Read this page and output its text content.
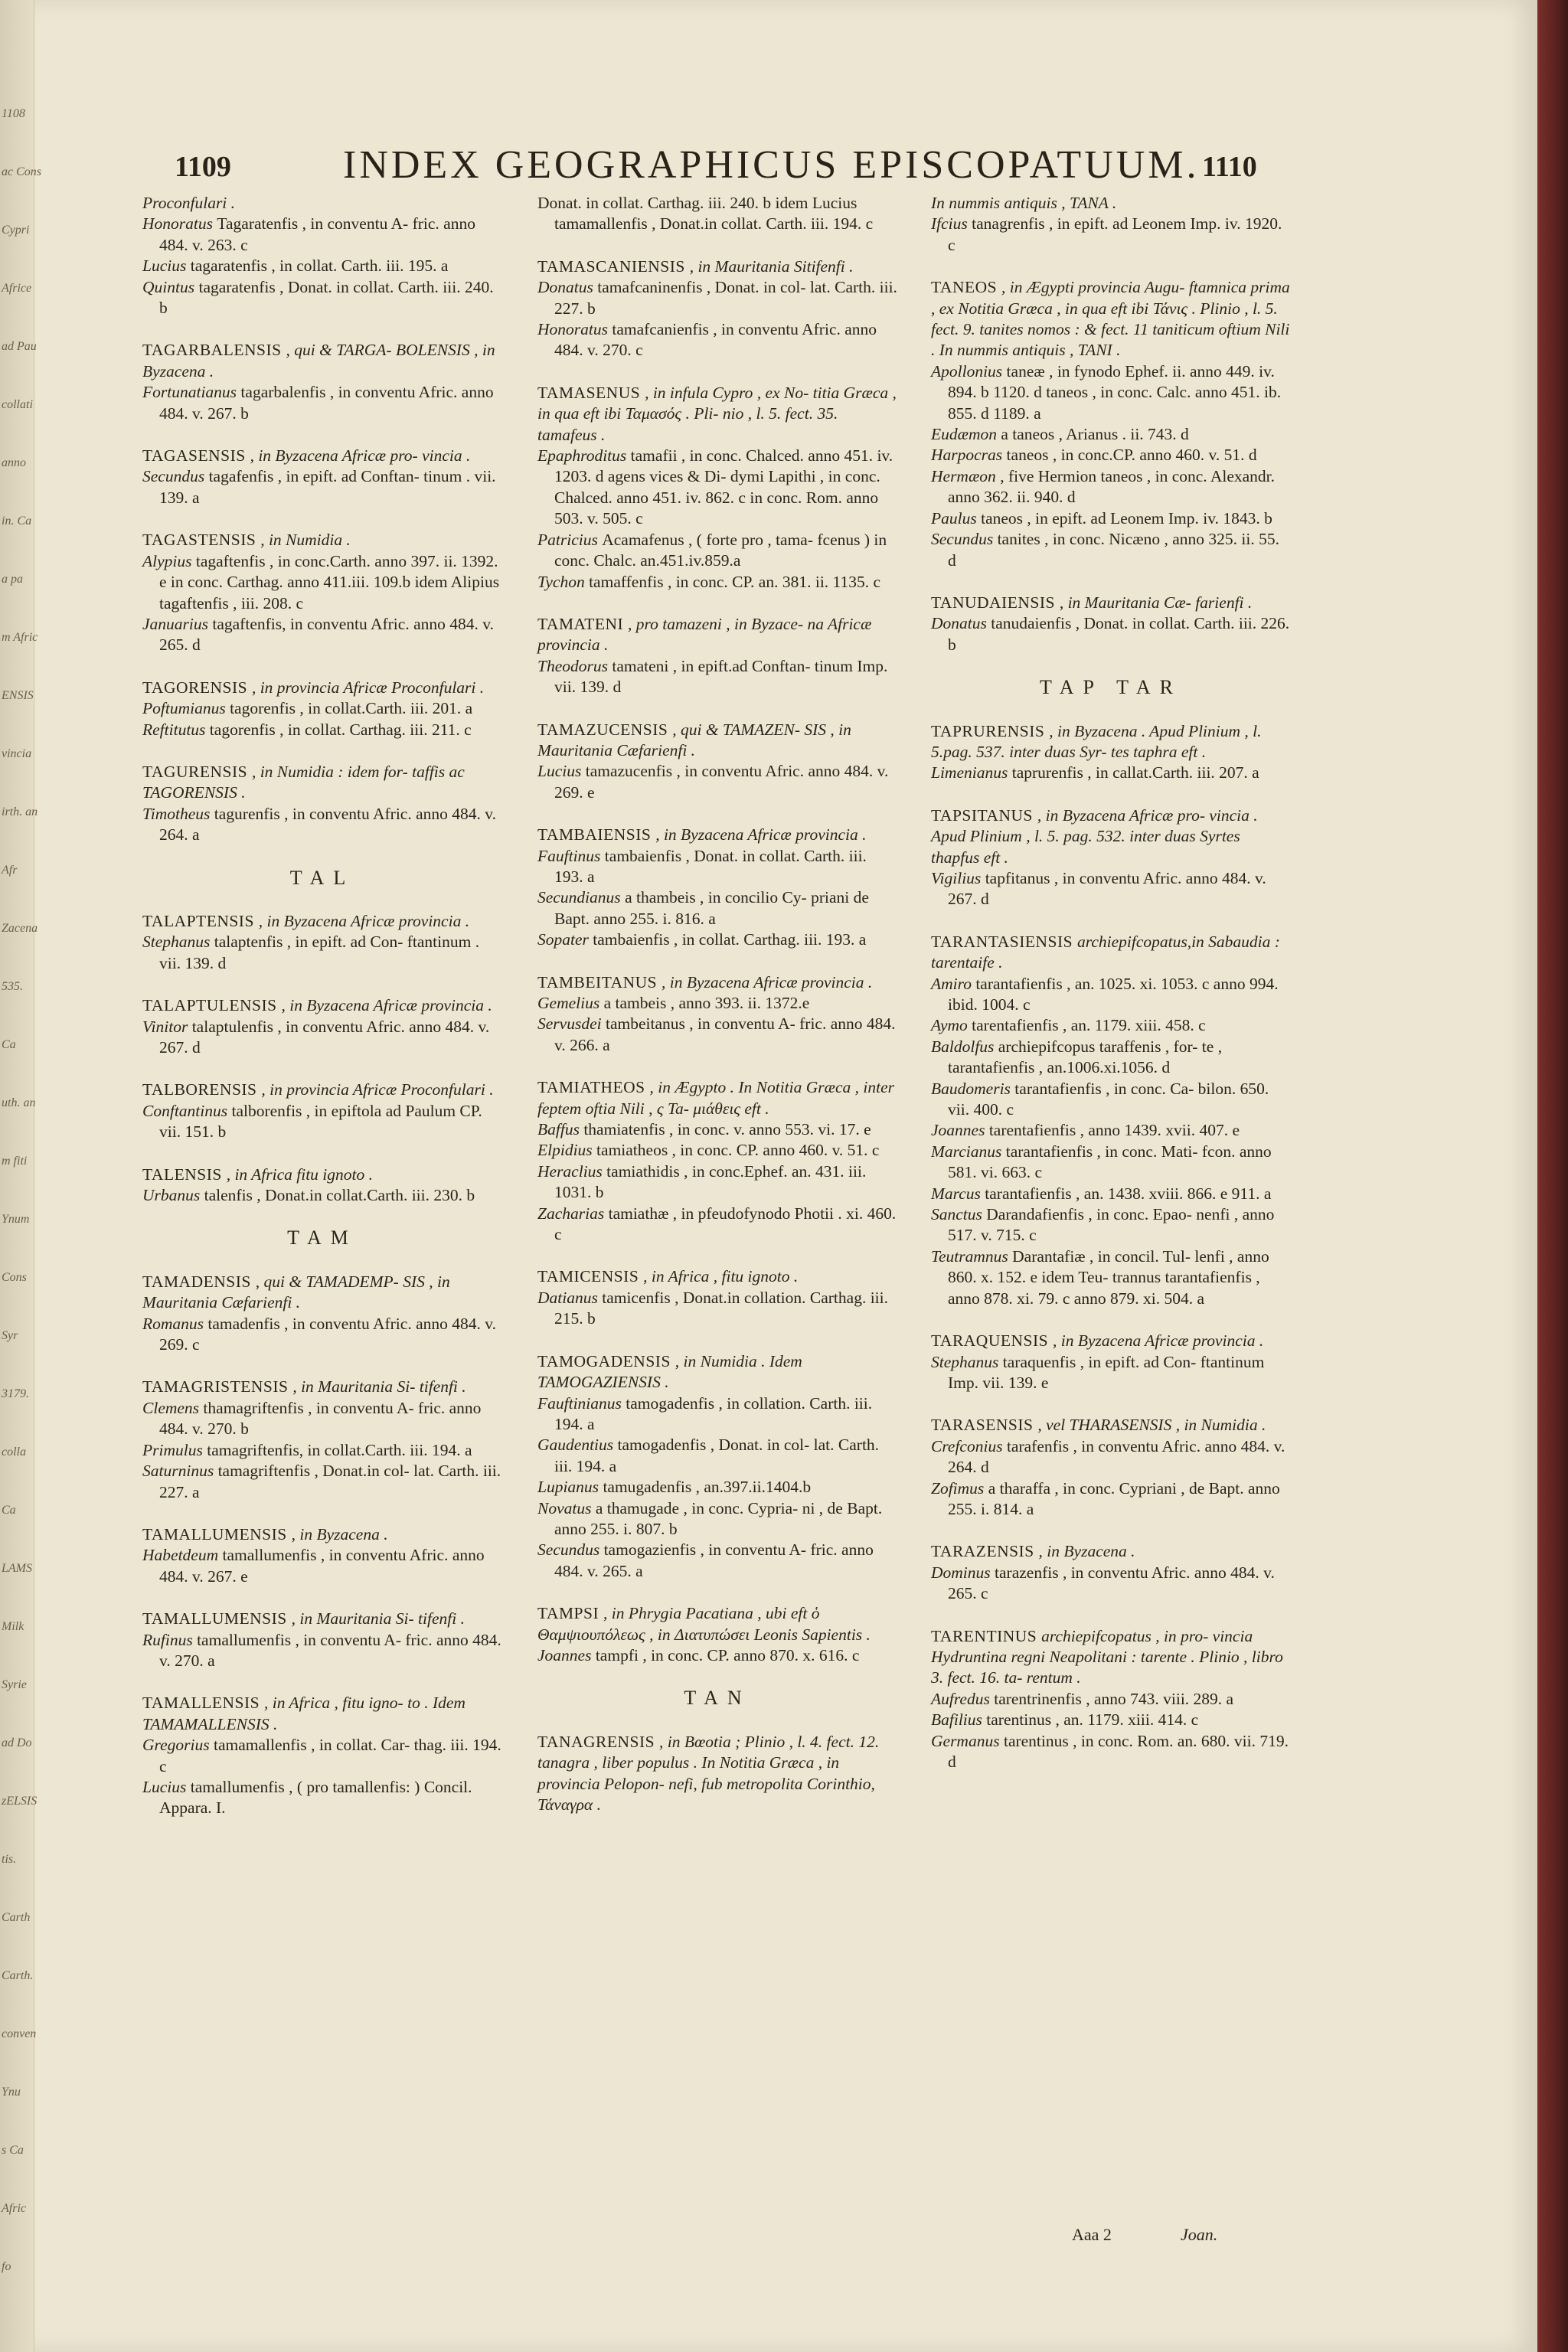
1108
ac Cons
Cypri
Africe
ad Pau
collati
anno
in. Ca
a pa
m Afric
ENSIS
vincia
irth. an
Afr
Zacena
535.
Ca
uth. an
m fiti
Ynum
Cons
Syr
3179.
colla
Ca
LAMS
Milk
Syrie
ad Do
zELSIS
tis.
Carth
Carth.
conven
Ynu
s Ca
Afric
fo
1109	INDEX GEOGRAPHICUS EPISCOPATUUM. 1110
Proconfulari .
Honoratus Tagaratenfis , in conventu A- fric. anno 484. v. 263. c
Lucius tagaratenfis , in collat. Carth. iii. 195. a
Quintus tagaratenfis , Donat. in collat. Carth. iii. 240. b
TAGARBALENSIS , qui & TARGA- BOLENSIS , in Byzacena .
Fortunatianus tagarbalenfis , in conventu Afric. anno 484. v. 267. b
TAGASENSIS , in Byzacena Africæ pro- vincia .
Secundus tagafenfis , in epift. ad Conftan- tinum . vii. 139. a
TAGASTENSIS , in Numidia .
Alypius tagaftenfis , in conc.Carth. anno 397. ii. 1392. e in conc. Carthag. anno 411.iii. 109.b idem Alipius tagaftenfis , iii. 208. c
Januarius tagaftenfis, in conventu Afric. anno 484. v. 265. d
TAGORENSIS , in provincia Africæ Proconfulari .
Poftumianus tagorenfis , in collat.Carth. iii. 201. a
Reftitutus tagorenfis , in collat. Carthag. iii. 211. c
TAGURENSIS , in Numidia : idem for- taffis ac TAGORENSIS .
Timotheus tagurenfis , in conventu Afric. anno 484. v. 264. a
TAL
TALAPTENSIS , in Byzacena Africæ provincia .
Stephanus talaptenfis , in epift. ad Con- ftantinum . vii. 139. d
TALAPTULENSIS , in Byzacena Africæ provincia .
Vinitor talaptulenfis , in conventu Afric. anno 484. v. 267. d
TALBORENSIS , in provincia Africæ Proconfulari .
Conftantinus talborenfis , in epiftola ad Paulum CP. vii. 151. b
TALENSIS , in Africa fitu ignoto .
Urbanus talenfis , Donat.in collat.Carth. iii. 230. b
TAM
TAMADENSIS , qui & TAMADEMP- SIS , in Mauritania Cæfarienfi .
Romanus tamadenfis , in conventu Afric. anno 484. v. 269. c
TAMAGRISTENSIS , in Mauritania Si- tifenfi .
Clemens thamagriftenfis , in conventu A- fric. anno 484. v. 270. b
Primulus tamagriftenfis, in collat.Carth. iii. 194. a
Saturninus tamagriftenfis , Donat.in col- lat. Carth. iii. 227. a
TAMALLUMENSIS , in Byzacena .
Habetdeum tamallumenfis , in conventu Afric. anno 484. v. 267. e
TAMALLUMENSIS , in Mauritania Si- tifenfi .
Rufinus tamallumenfis , in conventu A- fric. anno 484. v. 270. a
TAMALLENSIS , in Africa , fitu igno- to . Idem TAMAMALLENSIS .
Gregorius tamamallenfis , in collat. Car- thag. iii. 194. c
Lucius tamallumenfis , ( pro tamallenfis: ) Concil. Appara. I.
Donat. in collat. Carthag. iii. 240. b idem Lucius tamamallenfis , Donat.in collat. Carth. iii. 194. c
TAMASCANIENSIS , in Mauritania Sitifenfi .
Donatus tamafcaninenfis , Donat. in col- lat. Carth. iii. 227. b
Honoratus tamafcanienfis , in conventu Afric. anno 484. v. 270. c
TAMASENUS , in infula Cypro , ex No- titia Græca , in qua eft ibi Ταμασός . Pli- nio , l. 5. fect. 35. tamafeus .
Epaphroditus tamafii , in conc. Chalced. anno 451. iv. 1203. d agens vices & Di- dymi Lapithi , in conc. Chalced. anno 451. iv. 862. c in conc. Rom. anno 503. v. 505. c
Patricius Acamafenus , ( forte pro , tama- fcenus ) in conc. Chalc. an.451.iv.859.a
Tychon tamaffenfis , in conc. CP. an. 381. ii. 1135. c
TAMATENI , pro tamazeni , in Byzace- na Africæ provincia .
Theodorus tamateni , in epift.ad Conftan- tinum Imp. vii. 139. d
TAMAZUCENSIS , qui & TAMAZEN- SIS , in Mauritania Cæfarienfi .
Lucius tamazucenfis , in conventu Afric. anno 484. v. 269. e
TAMBAIENSIS , in Byzacena Africæ provincia .
Fauftinus tambaienfis , Donat. in collat. Carth. iii. 193. a
Secundianus a thambeis , in concilio Cy- priani de Bapt. anno 255. i. 816. a
Sopater tambaienfis , in collat. Carthag. iii. 193. a
TAMBEITANUS , in Byzacena Africæ provincia .
Gemelius a tambeis , anno 393. ii. 1372.e
Servusdei tambeitanus , in conventu A- fric. anno 484. v. 266. a
TAMIATHEOS , in Ægypto . In Notitia Græca , inter feptem oftia Nili , ς Ta- μιάθεις eft .
Baffus thamiatenfis , in conc. v. anno 553. vi. 17. e
Elpidius tamiatheos , in conc. CP. anno 460. v. 51. c
Heraclius tamiathidis , in conc.Ephef. an. 431. iii. 1031. b
Zacharias tamiathæ , in pfeudofynodo Photii . xi. 460. c
TAMICENSIS , in Africa , fitu ignoto .
Datianus tamicenfis , Donat.in collation. Carthag. iii. 215. b
TAMOGADENSIS , in Numidia . Idem TAMOGAZIENSIS .
Fauftinianus tamogadenfis , in collation. Carth. iii. 194. a
Gaudentius tamogadenfis , Donat. in col- lat. Carth. iii. 194. a
Lupianus tamugadenfis , an.397.ii.1404.b
Novatus a thamugade , in conc. Cypria- ni , de Bapt. anno 255. i. 807. b
Secundus tamogazienfis , in conventu A- fric. anno 484. v. 265. a
TAMPSI , in Phrygia Pacatiana , ubi eft ὁ Θαμψιουπόλεως , in Διατυπώσει Leonis Sapientis .
Joannes tampfi , in conc. CP. anno 870. x. 616. c
TAN
TANAGRENSIS , in Bœotia ; Plinio , l. 4. fect. 12. tanagra , liber populus . In Notitia Græca , in provincia Pelopon- nefi, fub metropolita Corinthio, Τάναγρα .
In nummis antiquis , TANA .
Ifcius tanagrenfis , in epift. ad Leonem Imp. iv. 1920. c
TANEOS , in Ægypti provincia Augu- ftamnica prima , ex Notitia Græca , in qua eft ibi Τάνις . Plinio , l. 5. fect. 9. tanites nomos : & fect. 11 taniticum oftium Nili . In nummis antiquis , TANI .
Apollonius taneæ , in fynodo Ephef. ii. anno 449. iv. 894. b 1120. d taneos , in conc. Calc. anno 451. ib. 855. d 1189. a
Eudæmon a taneos , Arianus . ii. 743. d
Harpocras taneos , in conc.CP. anno 460. v. 51. d
Hermæon , five Hermion taneos , in conc. Alexandr. anno 362. ii. 940. d
Paulus taneos , in epift. ad Leonem Imp. iv. 1843. b
Secundus tanites , in conc. Nicæno , anno 325. ii. 55. d
TANUDAIENSIS , in Mauritania Cæ- farienfi .
Donatus tanudaienfis , Donat. in collat. Carth. iii. 226. b
TAP TAR
TAPRURENSIS , in Byzacena . Apud Plinium , l. 5.pag. 537. inter duas Syr- tes taphra eft .
Limenianus taprurenfis , in callat.Carth. iii. 207. a
TAPSITANUS , in Byzacena Africæ pro- vincia . Apud Plinium , l. 5. pag. 532. inter duas Syrtes thapfus eft .
Vigilius tapfitanus , in conventu Afric. anno 484. v. 267. d
TARANTASIENSIS archiepifcopatus,in Sabaudia : tarentaife .
Amiro tarantafienfis , an. 1025. xi. 1053. c anno 994. ibid. 1004. c
Aymo tarentafienfis , an. 1179. xiii. 458. c
Baldolfus archiepifcopus taraffenis , for- te , tarantafienfis , an.1006.xi.1056. d
Baudomeris tarantafienfis , in conc. Ca- bilon. 650. vii. 400. c
Joannes tarentafienfis , anno 1439. xvii. 407. e
Marcianus tarantafienfis , in conc. Mati- fcon. anno 581. vi. 663. c
Marcus tarantafienfis , an. 1438. xviii. 866. e 911. a
Sanctus Darandafienfis , in conc. Epao- nenfi , anno 517. v. 715. c
Teutramnus Darantafiæ , in concil. Tul- lenfi , anno 860. x. 152. e idem Teu- trannus tarantafienfis , anno 878. xi. 79. c anno 879. xi. 504. a
TARAQUENSIS , in Byzacena Africæ provincia .
Stephanus taraquenfis , in epift. ad Con- ftantinum Imp. vii. 139. e
TARASENSIS , vel THARASENSIS , in Numidia .
Crefconius tarafenfis , in conventu Afric. anno 484. v. 264. d
Zofimus a tharaffa , in conc. Cypriani , de Bapt. anno 255. i. 814. a
TARAZENSIS , in Byzacena .
Dominus tarazenfis , in conventu Afric. anno 484. v. 265. c
TARENTINUS archiepifcopatus , in pro- vincia Hydruntina regni Neapolitani : tarente . Plinio , libro 3. fect. 16. ta- rentum .
Aufredus tarentrinenfis , anno 743. viii. 289. a
Bafilius tarentinus , an. 1179. xiii. 414. c
Germanus tarentinus , in conc. Rom. an. 680. vii. 719. d
Aaa 2	Joan.
